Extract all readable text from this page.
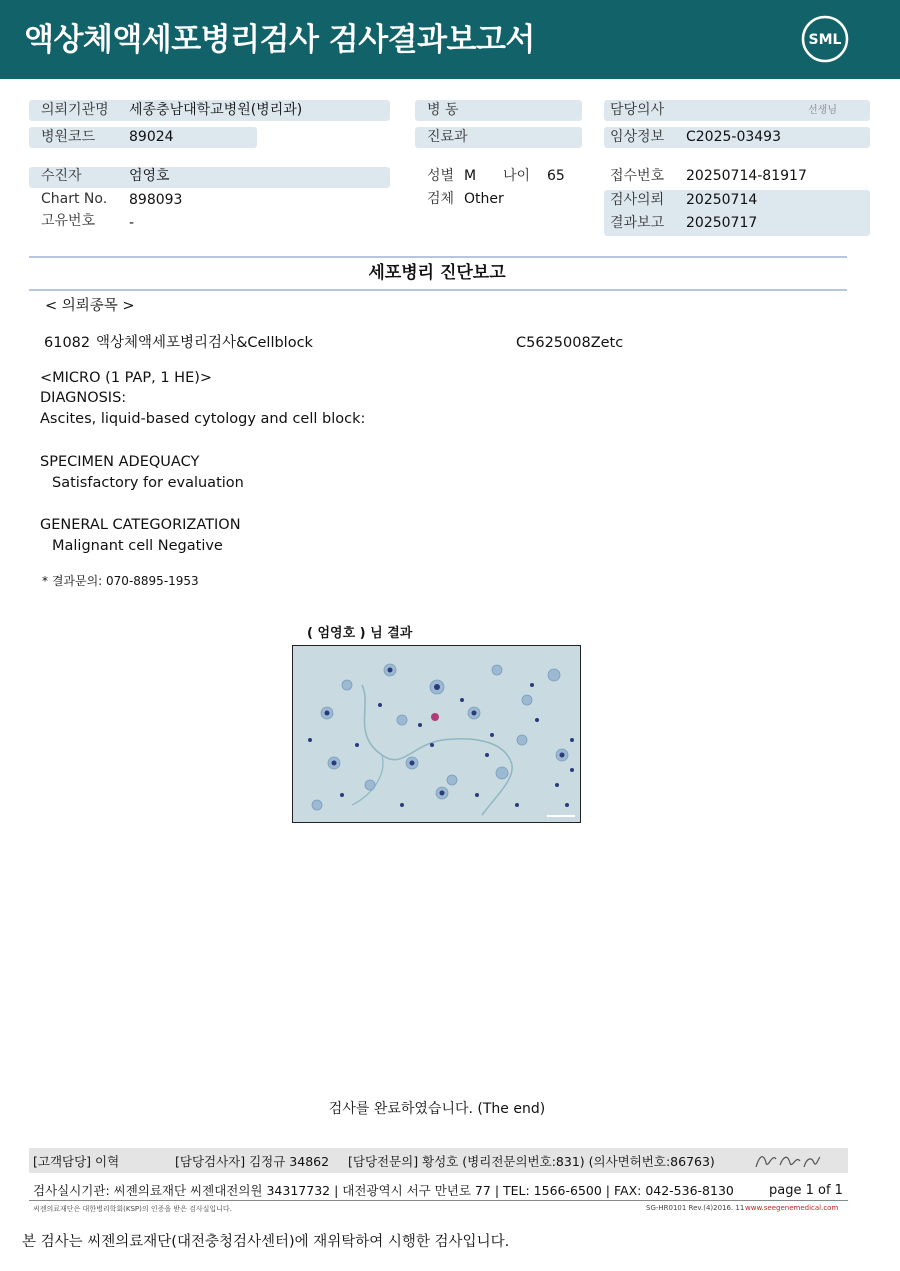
액상체액세포병리검사 검사결과보고서	SML
의뢰기관명 세종충남대학교병원(병리과)	병 동	담당의사	선생님
병원코드 89024	진료과	임상정보 C2025-03493
수진자	엄영호	성별 M 나이 65	접수번호 20250714-81917
Chart No. 898093	검체 Other	검사의뢰 20250714
결과보고 20250717
고유번호 -
세포병리 진단보고
< 의뢰종목 >
61082 액상체액세포병리검사&Cellblock	C5625008Zetc
<MICRO (1 PAP, 1 HE)>
DIAGNOSIS:
Ascites, liquid-based cytology and cell block:
SPECIMEN ADEQUACY
Satisfactory for evaluation
GENERAL CATEGORIZATION
Malignant cell Negative
* 결과문의: 070-8895-1953
( 엄영호 ) 님 결과
검사를 완료하였습니다. (The end)
[고객담당] 이혁	[담당검사자] 김정규 34862 [담당전문의] 황성호 (병리전문의번호:831) (의사면허번호:86763)
검사실시기관: 씨젠의료재단 씨젠대전의원 34317732 | 대전광역시 서구 만년로 77 | TEL: 1566-6500 | FAX: 042-536-8130	page 1 of 1
씨젠의료재단은 대한병리학회(KSP)의 인증을 받은 검사실입니다.	SG-HR0101 Rev.(4)2016. 11 www.seegenemedical.com
본 검사는 씨젠의료재단(대전충청검사센터)에 재위탁하여 시행한 검사입니다.
